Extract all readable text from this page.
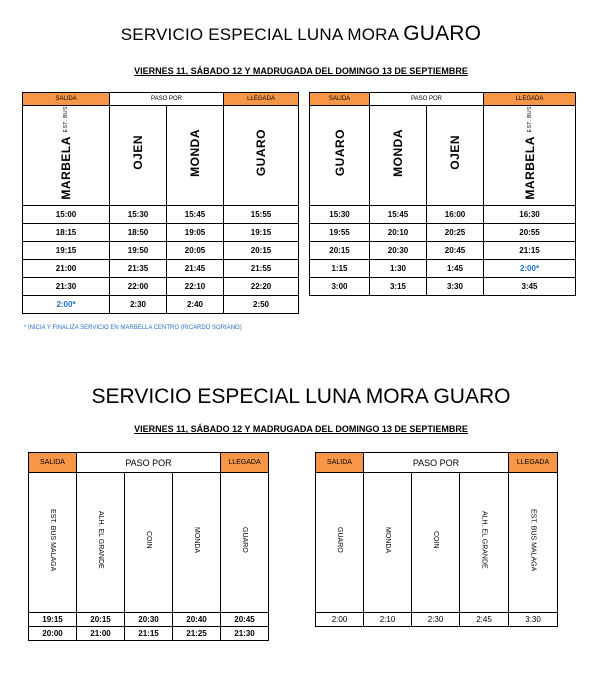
SERVICIO ESPECIAL LUNA MORA GUARO
VIERNES 11, SÁBADO 12 Y MADRUGADA DEL DOMINGO 13 DE SEPTIEMBRE
SALIDA	PASO POR		LLEGADA
MARBELA EST. BUS	OJEN	MONDA	GUARO
15:00	15:30	15:45	15:55
18:15	18:50	19:05	19:15
19:15	19:50	20:05	20:15
21:00	21:35	21:45	21:55
21:30	22:00	22:10	22:20
2:00*	2:30	2:40	2:50
SALIDA	PASO POR		LLEGADA
GUARO	MONDA	OJEN	MARBELA EST. BUS
15:30	15:45	16:00	16:30
19:55	20:10	20:25	20:55
20:15	20:30	20:45	21:15
1:15	1:30	1:45	2:00*
3:00	3:15	3:30	3:45
* INICIA Y FINALIZA SERVICIO EN MARBELLA CENTRO (RICARDO SORIANO)
SERVICIO ESPECIAL LUNA MORA GUARO
VIERNES 11, SÁBADO 12 Y MADRUGADA DEL DOMINGO 13 DE SEPTIEMBRE
SALIDA	PASO POR			LLEGADA
EST. BUS MALAGA	ALH. EL GRANDE	COIN	MONDA	GUARO
19:15	20:15	20:30	20:40	20:45
20:00	21:00	21:15	21:25	21:30
SALIDA	PASO POR			LLEGADA
GUARO	MONDA	COIN	ALH. EL GRANDE	EST. BUS MALAGA
2:00	2:10	2:30	2:45	3:30
